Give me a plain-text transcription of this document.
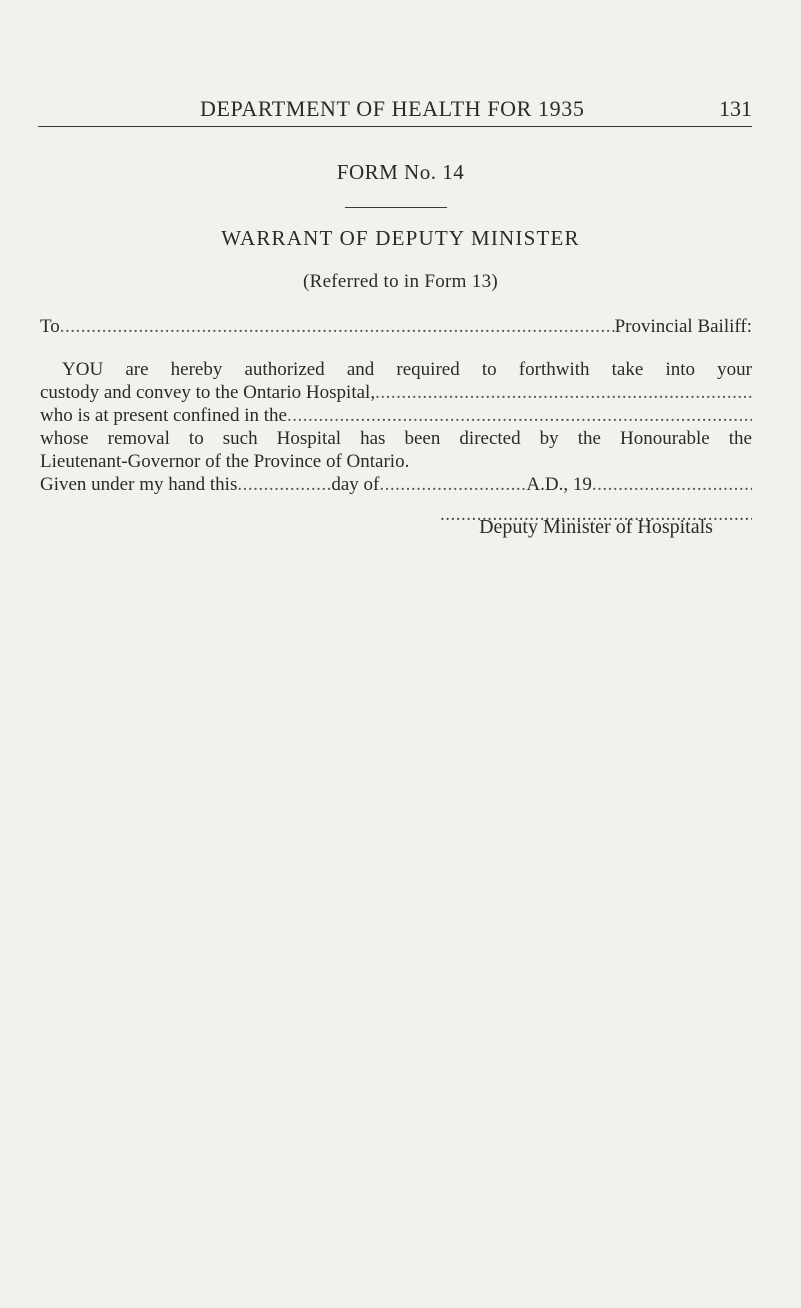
DEPARTMENT OF HEALTH FOR 1935	131
FORM No. 14
WARRANT OF DEPUTY MINISTER
(Referred to in Form 13)
To .....	Provincial Bailiff:
YOU are hereby authorized and required to forthwith take into your
custody and convey to the Ontario Hospital,
.....
who is at present confined in the
.....
whose removal to such Hospital has been directed by the Honourable the
Lieutenant-Governor of the Province of Ontario.
Given under my hand this .....	day of .....	A.D., 19
.....
.....
Deputy Minister of Hospitals
